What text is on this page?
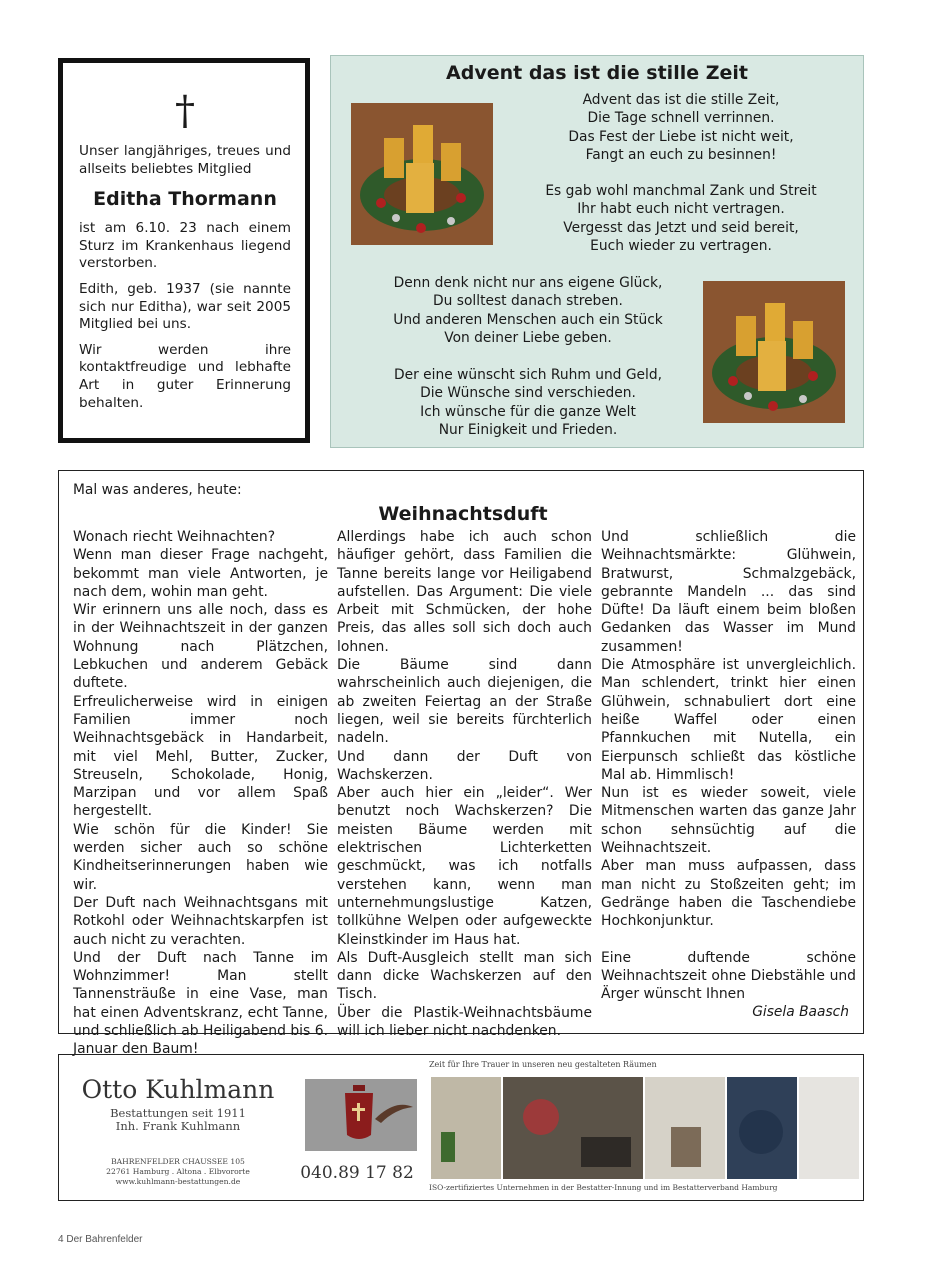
†

Unser langjähriges, treues und allseits beliebtes Mitglied

Editha Thormann

ist am 6.10. 23 nach einem Sturz im Krankenhaus liegend verstorben.

Edith, geb. 1937 (sie nannte sich nur Editha), war seit 2005 Mitglied bei uns.

Wir werden ihre kontaktfreudige und lebhafte Art in guter Erinnerung behalten.

Advent das ist die stille Zeit
Advent das ist die stille Zeit,
Die Tage schnell verrinnen.
Das Fest der Liebe ist nicht weit,
Fangt an euch zu besinnen!
Es gab wohl manchmal Zank und Streit
Ihr habt euch nicht vertragen.
Vergesst das Jetzt und seid bereit,
Euch wieder zu vertragen.
Denn denk nicht nur ans eigene Glück,
Du solltest danach streben.
Und anderen Menschen auch ein Stück
Von deiner Liebe geben.
Der eine wünscht sich Ruhm und Geld,
Die Wünsche sind verschieden.
Ich wünsche für die ganze Welt
Nur Einigkeit und Frieden.
Mal was anderes, heute:
Weihnachtsduft

Wonach riecht Weihnachten?

Wenn man dieser Frage nachgeht, bekommt man viele Antworten, je nach dem, wohin man geht.

Wir erinnern uns alle noch, dass es in der Weihnachtszeit in der ganzen Wohnung nach Plätzchen, Lebkuchen und anderem Gebäck duftete.

Erfreulicherweise wird in einigen Familien immer noch Weihnachtsgebäck in Handarbeit, mit viel Mehl, Butter, Zucker, Streuseln, Schokolade, Honig, Marzipan und vor allem Spaß hergestellt.

Wie schön für die Kinder! Sie werden sicher auch so schöne Kindheitserinnerungen haben wie wir.

Der Duft nach Weihnachtsgans mit Rotkohl oder Weihnachtskarpfen ist auch nicht zu verachten.

Und der Duft nach Tanne im Wohnzimmer! Man stellt Tannensträuße in eine Vase, man hat einen Adventskranz, echt Tanne, und schließlich ab Heiligabend bis 6. Januar den Baum!

Allerdings habe ich auch schon häufiger gehört, dass Familien die Tanne bereits lange vor Heiligabend aufstellen. Das Argument: Die viele Arbeit mit Schmücken, der hohe Preis, das alles soll sich doch auch lohnen.

Die Bäume sind dann wahrscheinlich auch diejenigen, die ab zweiten Feiertag an der Straße liegen, weil sie bereits fürchterlich nadeln.

Und dann der Duft von Wachskerzen.

Aber auch hier ein „leider“. Wer benutzt noch Wachskerzen? Die meisten Bäume werden mit elektrischen Lichterketten geschmückt, was ich notfalls verstehen kann, wenn man unternehmungslustige Katzen, tollkühne Welpen oder aufgeweckte Kleinstkinder im Haus hat.

Als Duft-Ausgleich stellt man sich dann dicke Wachskerzen auf den Tisch.

Über die Plastik-Weihnachtsbäume will ich lieber nicht nachdenken.

Und schließlich die Weihnachtsmärkte: Glühwein, Bratwurst, Schmalzgebäck, gebrannte Mandeln ... das sind Düfte! Da läuft einem beim bloßen Gedanken das Wasser im Mund zusammen!

Die Atmosphäre ist unvergleichlich. Man schlendert, trinkt hier einen Glühwein, schnabuliert dort eine heiße Waffel oder einen Pfannkuchen mit Nutella, ein Eierpunsch schließt das köstliche Mal ab. Himmlisch!

Nun ist es wieder soweit, viele Mitmenschen warten das ganze Jahr schon sehnsüchtig auf die Weihnachtszeit.

Aber man muss aufpassen, dass man nicht zu Stoßzeiten geht; im Gedränge haben die Taschendiebe Hochkonjunktur.

Eine duftende schöne Weihnachtszeit ohne Diebstähle und Ärger wünscht Ihnen

Gisela Baasch
Otto Kuhlmann
Bestattungen seit 1911
Inh. Frank Kuhlmann
BAHRENFELDER CHAUSSEE 105
22761 Hamburg . Altona . Elbvororte
www.kuhlmann-bestattungen.de	040.89 17 82
Zeit für Ihre Trauer in unseren neu gestalteten Räumen
ISO-zertifiziertes Unternehmen in der Bestatter-Innung und im Bestatterverband Hamburg
4 Der Bahrenfelder
